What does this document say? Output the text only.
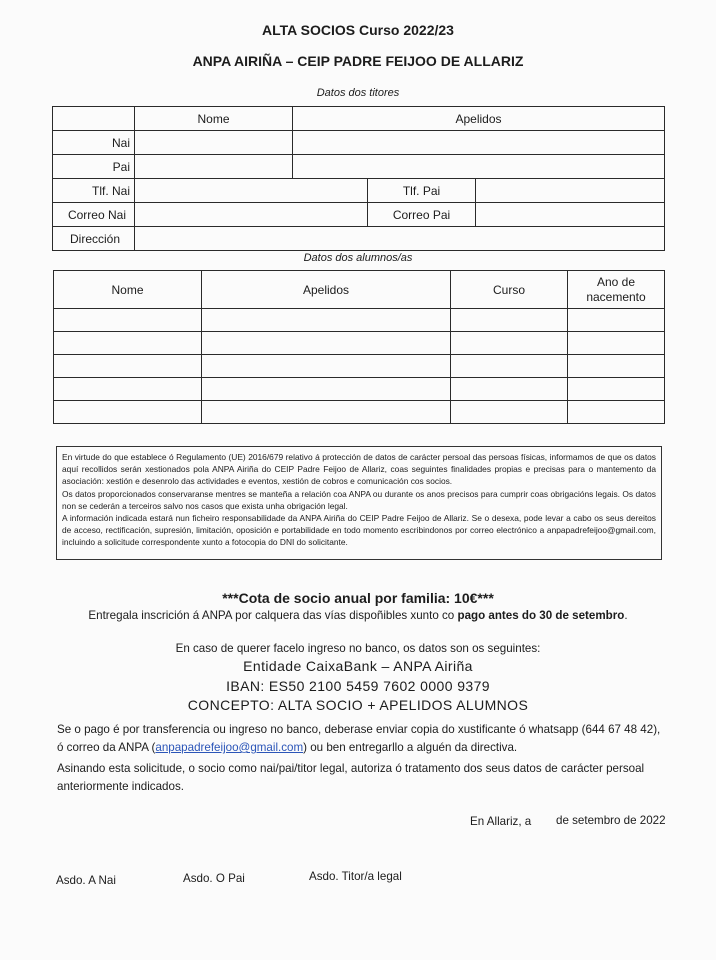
ALTA SOCIOS Curso 2022/23
ANPA AIRIÑA – CEIP PADRE FEIJOO DE ALLARIZ
Datos dos titores
	Nome	Apelidos		
Nai				
Pai				
Tlf. Nai			Tlf. Pai	
Correo Nai			Correo Pai	
Dirección				
Datos dos alumnos/as
Nome	Apelidos	Curso	Ano de
nacemento

En virtude do que establece ó Regulamento (UE) 2016/679 relativo á protección de datos de carácter persoal das persoas físicas, informamos de que os datos aquí recollidos serán xestionados pola ANPA Airiña do CEIP Padre Feijoo de Allariz, coas seguintes finalidades propias e precisas para o mantemento da asociación: xestión e desenrolo das actividades e eventos, xestión de cobros e comunicación cos socios.

Os datos proporcionados conservaranse mentres se manteña a relación coa ANPA ou durante os anos precisos para cumprir coas obrigacións legais. Os datos non se cederán a terceiros salvo nos casos que exista unha obrigación legal.

A información indicada estará nun ficheiro responsabilidade da ANPA Airiña do CEIP Padre Feijoo de Allariz. Se o desexa, pode levar a cabo os seus dereitos de acceso, rectificación, supresión, limitación, oposición e portabilidade en todo momento escribindonos por correo electrónico a anpapadrefeijoo@gmail.com, incluindo a solicitude correspondente xunto a fotocopia do DNI do solicitante.

***Cota de socio anual por familia: 10€***
Entregala inscrición á ANPA por calquera das vías dispoñibles xunto co pago antes do 30 de setembro.
En caso de querer facelo ingreso no banco, os datos son os seguintes:
Entidade CaixaBank – ANPA Airiña
IBAN: ES50 2100 5459 7602 0000 9379
CONCEPTO: ALTA SOCIO + APELIDOS ALUMNOS
Se o pago é por transferencia ou ingreso no banco, deberase enviar copia do xustificante ó whatsapp (644 67 48 42),
ó correo da ANPA (anpapadrefeijoo@gmail.com) ou ben entregarllo a alguén da directiva.
Asinando esta solicitude, o socio como nai/pai/titor legal, autoriza ó tratamento dos seus datos de carácter persoal
anteriormente indicados.
En Allariz, a de setembro de 2022
Asdo. A Nai	Asdo. O Pai	Asdo. Titor/a legal
